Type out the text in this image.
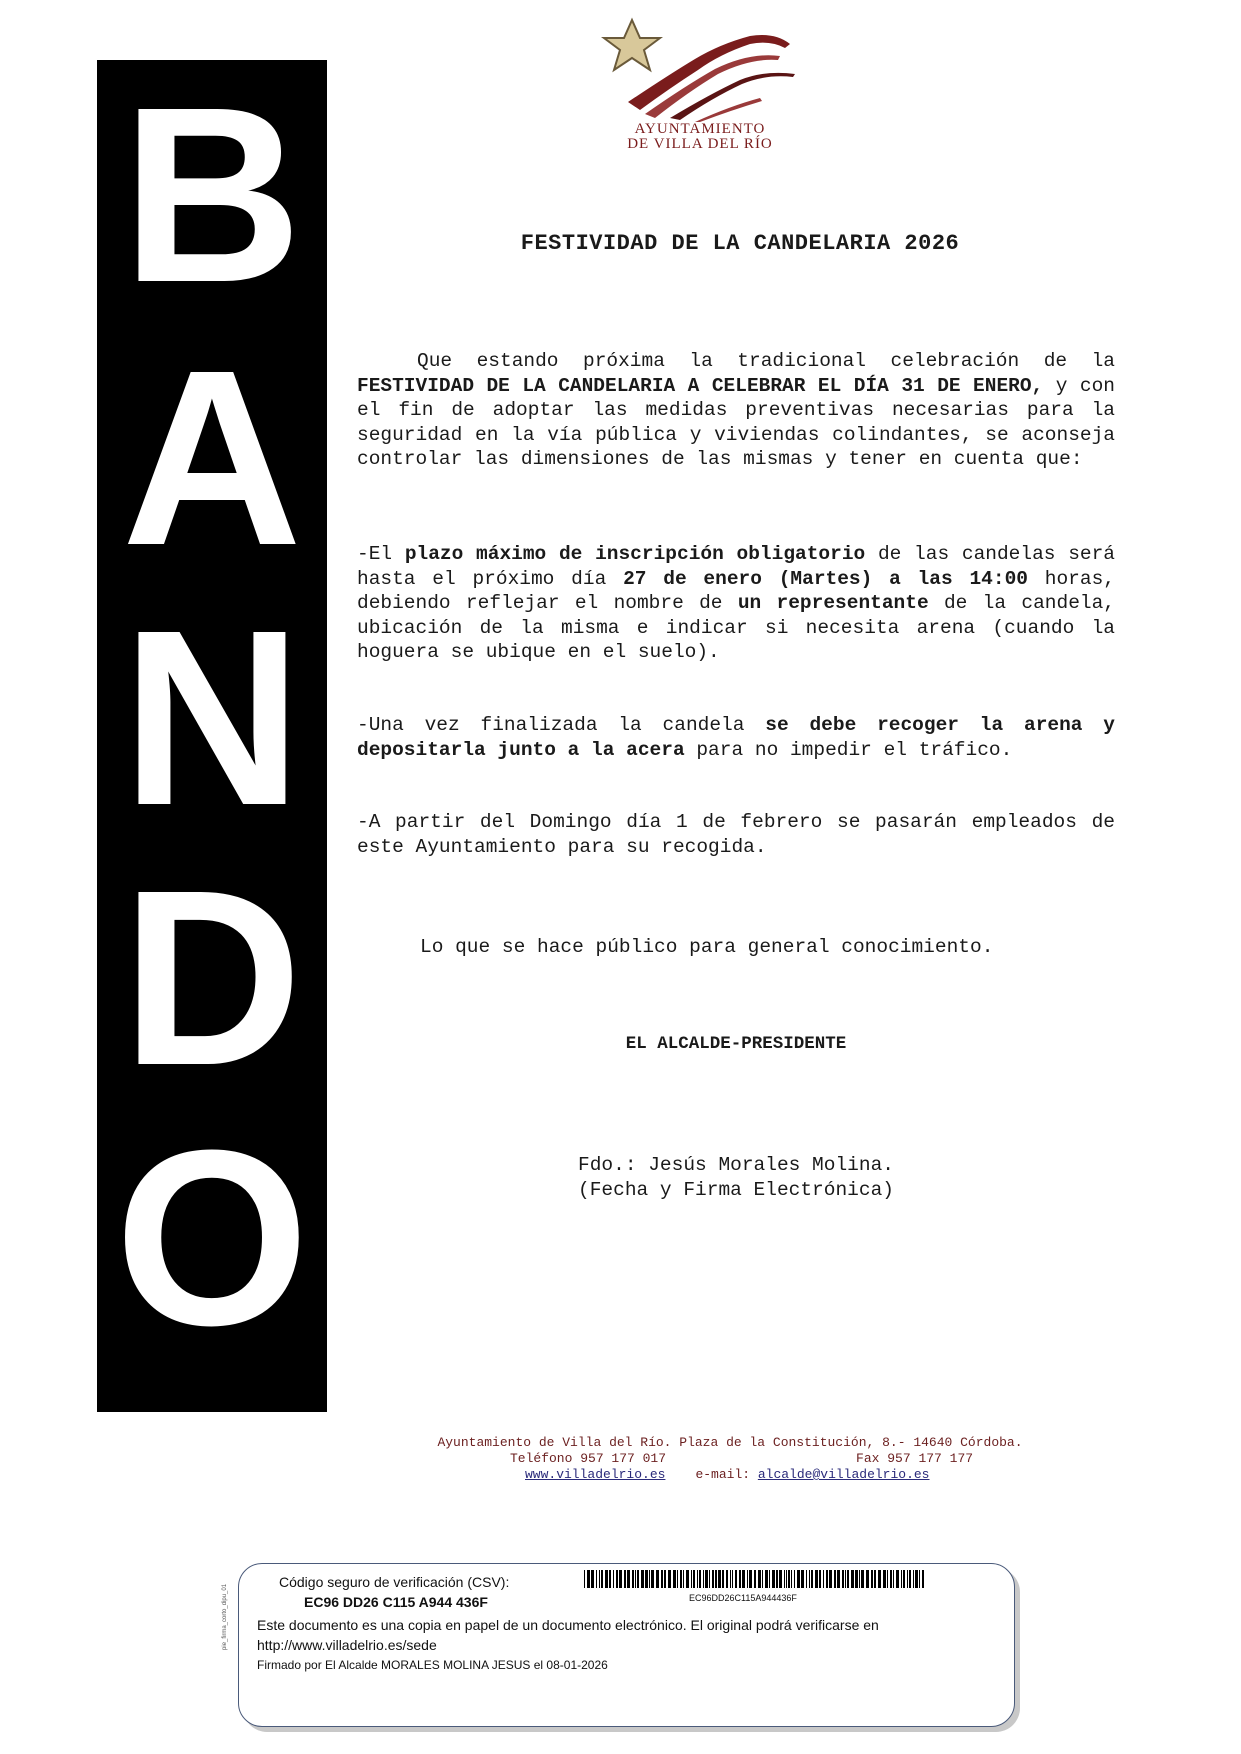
B
A
N
D
O
AYUNTAMIENTO
DE VILLA DEL RÍO
FESTIVIDAD DE LA CANDELARIA 2026
Que estando próxima la tradicional celebración de la FESTIVIDAD DE LA CANDELARIA A CELEBRAR EL DÍA 31 DE ENERO, y con el fin de adoptar las medidas preventivas necesarias para la seguridad en la vía pública y viviendas colindantes, se aconseja controlar las dimensiones de las mismas y tener en cuenta que:
-El plazo máximo de inscripción obligatorio de las candelas será hasta el próximo día 27 de enero (Martes) a las 14:00 horas, debiendo reflejar el nombre de un representante de la candela, ubicación de la misma e indicar si necesita arena (cuando la hoguera se ubique en el suelo).
-Una vez finalizada la candela se debe recoger la arena y depositarla junto a la acera para no impedir el tráfico.
-A partir del Domingo día 1 de febrero se pasarán empleados de este Ayuntamiento para su recogida.
Lo que se hace público para general conocimiento.
EL ALCALDE-PRESIDENTE
Fdo.: Jesús Morales Molina.
(Fecha y Firma Electrónica)
Ayuntamiento de Villa del Río. Plaza de la Constitución, 8.- 14640 Córdoba.
Teléfono 957 177 017	Fax 957 177 177
www.villadelrio.es e-mail: alcalde@villadelrio.es
Código seguro de verificación (CSV):
EC96 DD26 C115 A944 436F	EC96DD26C115A944436F
Este documento es una copia en papel de un documento electrónico. El original podrá verificarse en
http://www.villadelrio.es/sede
Firmado por El Alcalde MORALES MOLINA JESUS el 08-01-2026
pie_firma_corto_dipu_01
